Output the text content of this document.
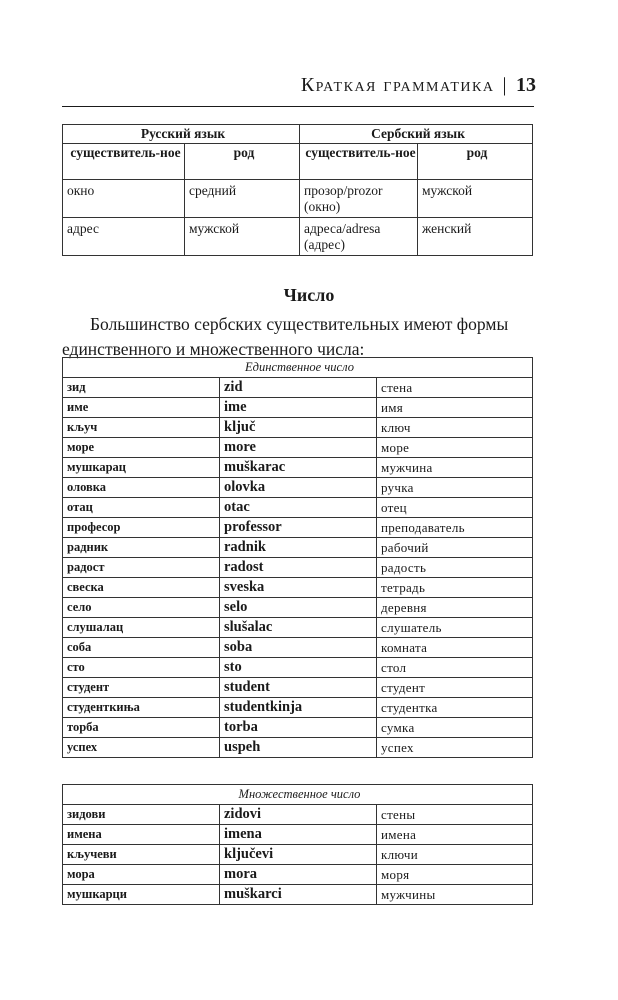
Краткая грамматика | 13
Русский язык		Сербский язык	
существитель-ное	род	существитель-ное	род
окно	средний	прозор/prozor (окно)	мужской
адрес	мужской	адреса/adresa (адрес)	женский
Число
Большинство сербских существительных имеют формы единственного и множественного числа:
Единственное число		
зид	zid	стена
име	ime	имя
кључ	ključ	ключ
море	more	море
мушкарац	muškarac	мужчина
оловка	olovka	ручка
отац	otac	отец
професор	professor	преподаватель
радник	radnik	рабочий
радост	radost	радость
свеска	sveska	тетрадь
село	selo	деревня
слушалац	slušalac	слушатель
соба	soba	комната
сто	sto	стол
студент	student	студент
студенткиња	studentkinja	студентка
торба	torba	сумка
успех	uspeh	успех
Множественное число		
зидови	zidovi	стены
имена	imena	имена
кључеви	ključevi	ключи
мора	mora	моря
мушкарци	muškarci	мужчины
